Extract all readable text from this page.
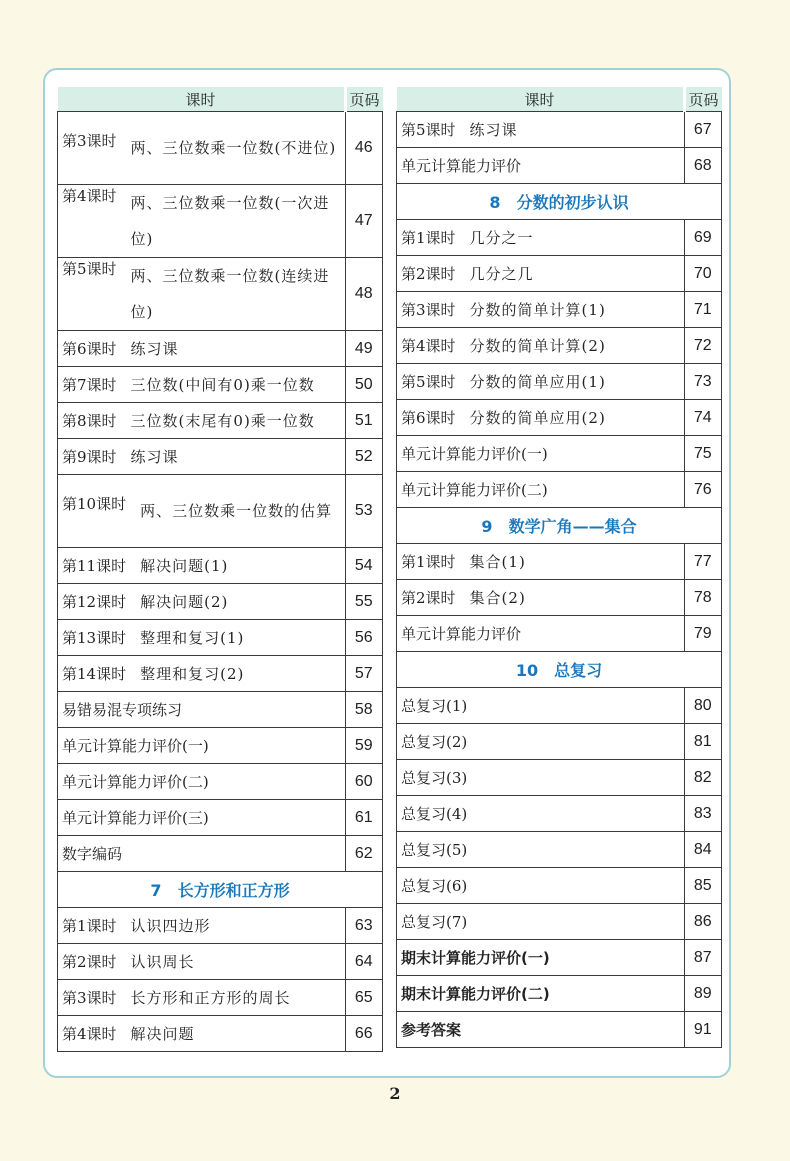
课时	页码

第3课时 两、三位数乘一位数(不进位)	46

第4课时 两、三位数乘一位数(一次进位)	47

第5课时 两、三位数乘一位数(连续进位)	48
第6课时 练习课	49
第7课时 三位数(中间有0)乘一位数	50
第8课时 三位数(末尾有0)乘一位数	51
第9课时 练习课	52

第10课时 两、三位数乘一位数的估算	53
第11课时 解决问题(1)	54
第12课时 解决问题(2)	55
第13课时 整理和复习(1)	56
第14课时 整理和复习(2)	57
易错易混专项练习	58
单元计算能力评价(一)	59
单元计算能力评价(二)	60
单元计算能力评价(三)	61
数字编码	62
7 长方形和正方形	
第1课时 认识四边形	63
第2课时 认识周长	64
第3课时 长方形和正方形的周长	65
第4课时 解决问题	66
课时	页码
第5课时 练习课	67
单元计算能力评价	68
8 分数的初步认识	
第1课时 几分之一	69
第2课时 几分之几	70
第3课时 分数的简单计算(1)	71
第4课时 分数的简单计算(2)	72
第5课时 分数的简单应用(1)	73
第6课时 分数的简单应用(2)	74
单元计算能力评价(一)	75
单元计算能力评价(二)	76
9 数学广角——集合	
第1课时 集合(1)	77
第2课时 集合(2)	78
单元计算能力评价	79
10 总复习	
总复习(1)	80
总复习(2)	81
总复习(3)	82
总复习(4)	83
总复习(5)	84
总复习(6)	85
总复习(7)	86
期末计算能力评价(一)	87
期末计算能力评价(二)	89
参考答案	91
2
